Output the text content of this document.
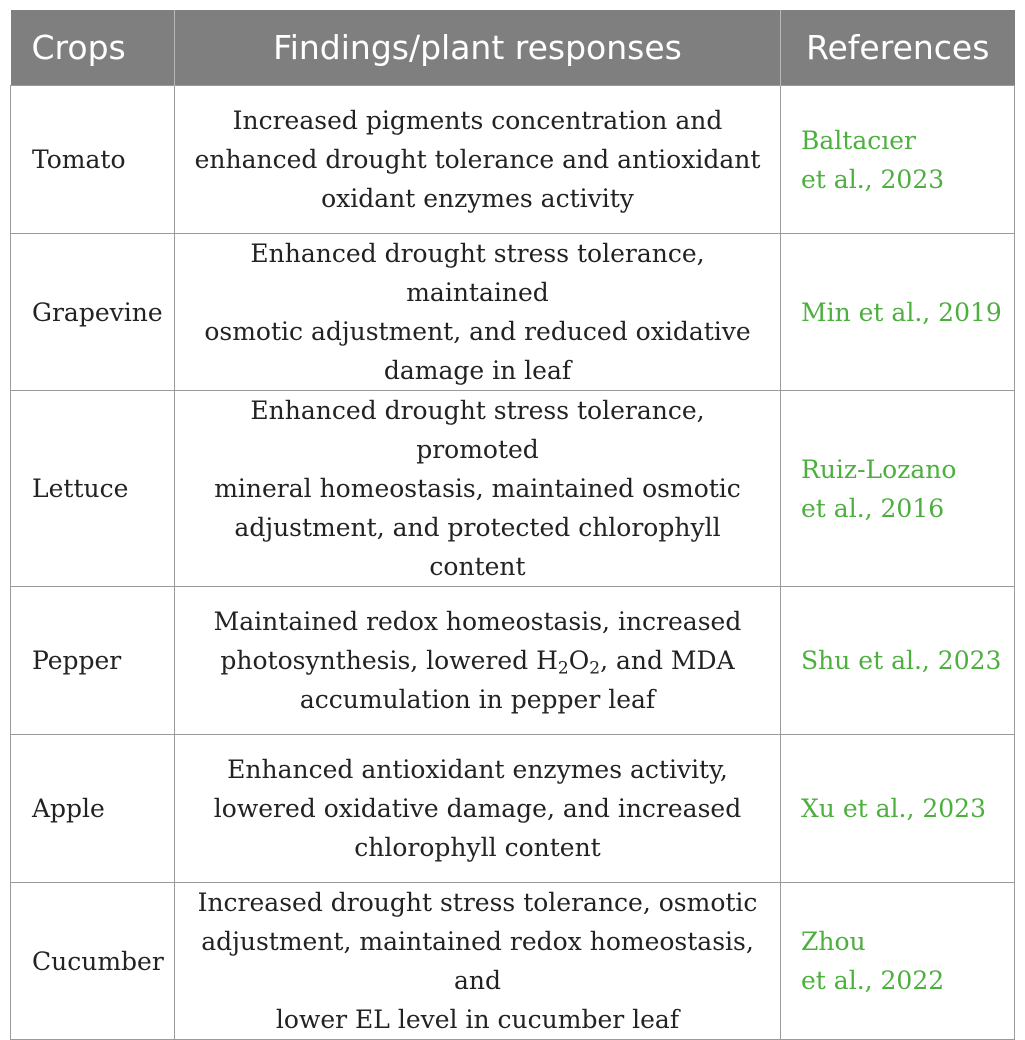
Crops	Findings/plant responses	References
Tomato	Increased pigments concentration and
enhanced drought tolerance and antioxidant
oxidant enzymes activity	Baltacıer
et al., 2023

Grapevine	Enhanced drought stress tolerance, maintained
osmotic adjustment, and reduced oxidative
damage in leaf	Min et al., 2019

Lettuce	Enhanced drought stress tolerance, promoted
mineral homeostasis, maintained osmotic
adjustment, and protected chlorophyll content	Ruiz-Lozano
et al., 2016

Pepper	Maintained redox homeostasis, increased
photosynthesis, lowered $H_2O_2$, and MDA
accumulation in pepper leaf	Shu et al., 2023

Apple	Enhanced antioxidant enzymes activity,
lowered oxidative damage, and increased
chlorophyll content	Xu et al., 2023

Cucumber	Increased drought stress tolerance, osmotic
adjustment, maintained redox homeostasis, and
lower EL level in cucumber leaf	Zhou
et al., 2022
